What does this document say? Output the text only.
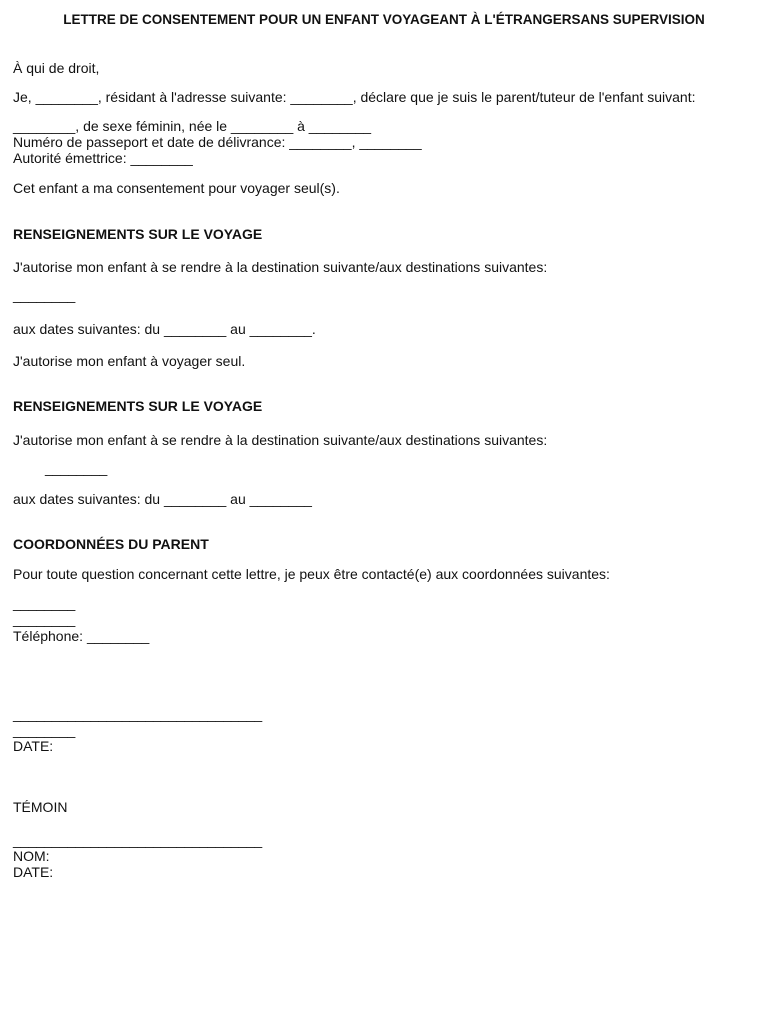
LETTRE DE CONSENTEMENT POUR UN ENFANT VOYAGEANT À L'ÉTRANGERSANS SUPERVISION

À qui de droit,

Je, ________, résidant à l'adresse suivante: ________, déclare que je suis le parent/tuteur de l'enfant suivant:

________, de sexe féminin, née le ________ à ________

Numéro de passeport et date de délivrance: ________, ________

Autorité émettrice: ________

Cet enfant a ma consentement pour voyager seul(s).

RENSEIGNEMENTS SUR LE VOYAGE

J'autorise mon enfant à se rendre à la destination suivante/aux destinations suivantes:

________

aux dates suivantes: du ________ au ________.

J'autorise mon enfant à voyager seul.

RENSEIGNEMENTS SUR LE VOYAGE

J'autorise mon enfant à se rendre à la destination suivante/aux destinations suivantes:

________

aux dates suivantes: du ________ au ________

COORDONNÉES DU PARENT

Pour toute question concernant cette lettre, je peux être contacté(e) aux coordonnées suivantes:

________

________

Téléphone: ________

________________________________

________

DATE:

TÉMOIN

________________________________

NOM:

DATE:
